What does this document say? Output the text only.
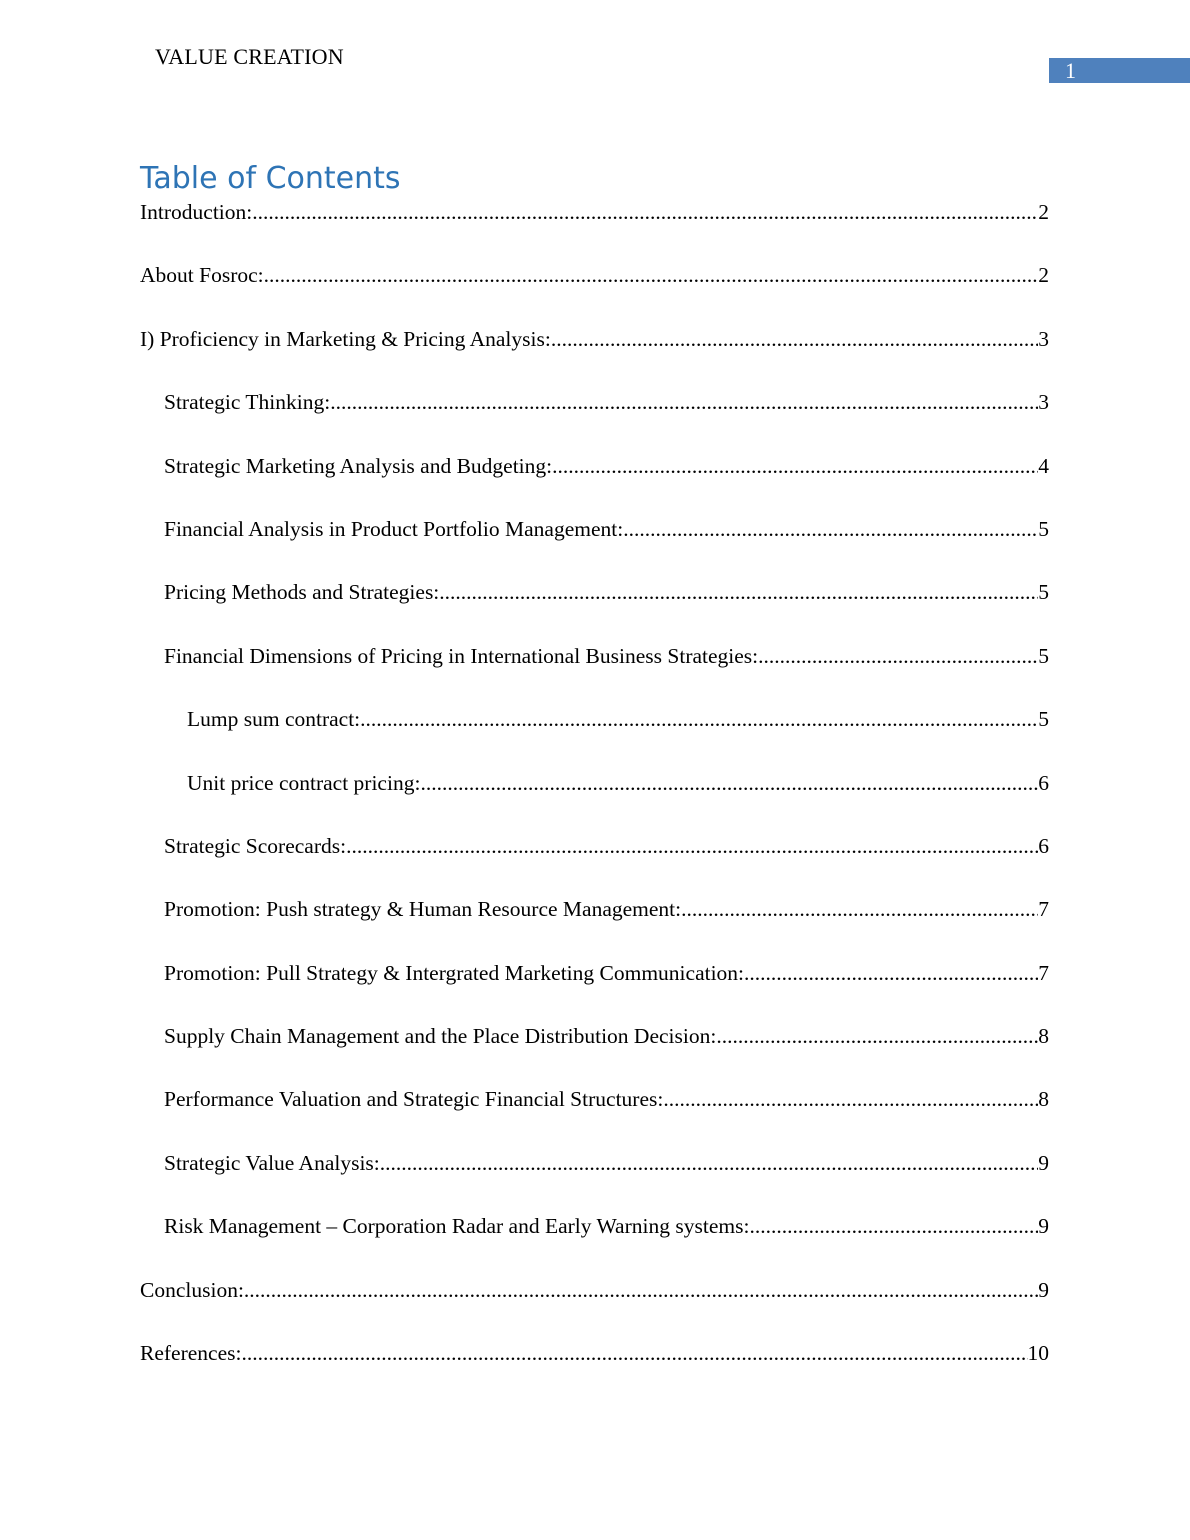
VALUE CREATION
1
Table of Contents
Introduction: .....	2
About Fosroc: .....	2
I) Proficiency in Marketing & Pricing Analysis: .....	3
Strategic Thinking: .....	3
Strategic Marketing Analysis and Budgeting: .....	4
Financial Analysis in Product Portfolio Management: .....	5
Pricing Methods and Strategies: .....	5
Financial Dimensions of Pricing in International Business Strategies: .....	5
Lump sum contract: .....	5
Unit price contract pricing: .....	6
Strategic Scorecards: .....	6
Promotion: Push strategy & Human Resource Management: .....	7
Promotion: Pull Strategy & Intergrated Marketing Communication: .....	7
Supply Chain Management and the Place Distribution Decision: .....	8
Performance Valuation and Strategic Financial Structures: .....	8
Strategic Value Analysis: .....	9
Risk Management – Corporation Radar and Early Warning systems: .....	9
Conclusion: .....	9
References: .....	10
